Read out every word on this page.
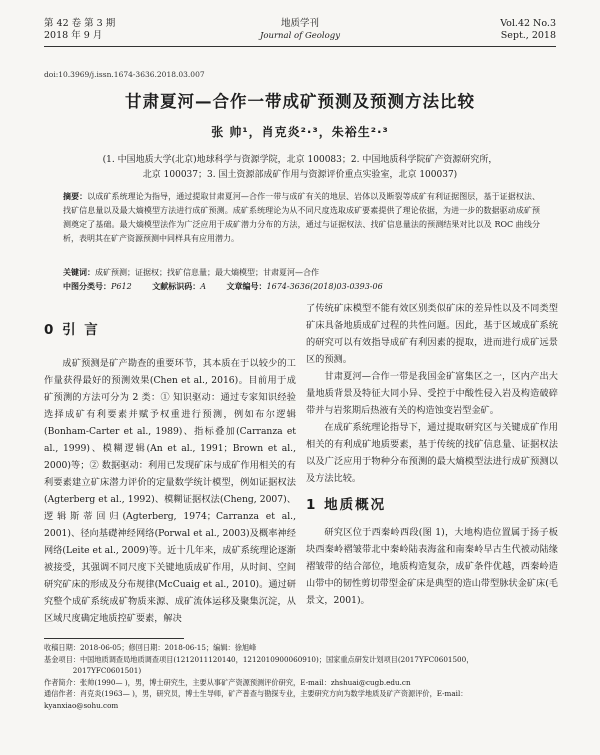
第 42 卷 第 3 期
2018 年 9 月
地质学刊
Journal of Geology
Vol.42 No.3
Sept., 2018
doi:10.3969/j.issn.1674-3636.2018.03.007
甘肃夏河—合作一带成矿预测及预测方法比较
张 帅¹，肖克炎²·³，朱裕生²·³
(1. 中国地质大学(北京)地球科学与资源学院，北京 100083；2. 中国地质科学院矿产资源研究所，
北京 100037；3. 国土资源部成矿作用与资源评价重点实验室，北京 100037)
摘要：以成矿系统理论为指导，通过提取甘肃夏河—合作一带与成矿有关的地层、岩体以及断裂等成矿有利证据图层，基于证据权法、找矿信息量以及最大熵模型方法进行成矿预测。成矿系统理论为从不同尺度选取成矿要素提供了理论依据，为进一步的数据驱动成矿预测奠定了基础。最大熵模型法作为广泛应用于成矿潜力分布的方法，通过与证据权法、找矿信息量法的预测结果对比以及 ROC 曲线分析，表明其在矿产资源预测中同样具有应用潜力。
关键词：成矿预测；证据权；找矿信息量；最大熵模型；甘肃夏河—合作
中图分类号：P612	文献标识码：A	文章编号：1674-3636(2018)03-0393-06
0 引 言

成矿预测是矿产勘查的重要环节，其本质在于以较少的工作量获得最好的预测效果(Chen et al., 2016)。目前用于成矿预测的方法可分为 2 类：① 知识驱动：通过专家知识经验选择成矿有利要素并赋予权重进行预测，例如布尔逻辑(Bonham-Carter et al., 1989)、指标叠加(Carranza et al., 1999)、模糊逻辑(An et al., 1991；Brown et al., 2000)等；② 数据驱动：利用已发现矿床与成矿作用相关的有利要素建立矿床潜力评价的定量数学统计模型，例如证据权法(Agterberg et al., 1992)、模糊证据权法(Cheng, 2007)、逻辑斯蒂回归(Agterberg, 1974；Carranza et al., 2001)、径向基礎神经网络(Porwal et al., 2003)及概率神经网络(Leite et al., 2009)等。近十几年来，成矿系统理论逐渐被接受，其强调不同尺度下关键地质成矿作用，从时间、空间研究矿床的形成及分布规律(McCuaig et al., 2010)。通过研究整个成矿系统成矿物质来源、成矿流体运移及聚集沉淀，从区域尺度确定地质控矿要素，解决

了传统矿床模型不能有效区别类似矿床的差异性以及不同类型矿床具备地质成矿过程的共性问题。因此，基于区域成矿系统的研究可以有效指导成矿有利因素的提取，进而进行成矿远景区的预测。

甘肃夏河—合作一带是我国金矿富集区之一，区内产出大量地质背景及特征大同小异、受控于中酸性侵入岩及构造破碎带并与岩浆期后热液有关的构造蚀变岩型金矿。

在成矿系统理论指导下，通过提取研究区与关键成矿作用相关的有利成矿地质要素，基于传统的找矿信息量、证据权法以及广泛应用于物种分布预测的最大熵模型法进行成矿预测以及方法比较。

1 地质概况

研究区位于西秦岭西段(图 1)，大地构造位置属于扬子板块西秦岭褶皱带北中秦岭陆表海盆和南秦岭早古生代被动陆缘褶皱带的结合部位，地质构造复杂，成矿条件优越，西秦岭造山带中的韧性剪切带型金矿床是典型的造山带型脉状金矿床(毛景文，2001)。

收稿日期：2018-06-05；修回日期：2018-06-15；编辑：徐旭峰
基金项目：中国地质调查局地质调查项目(1212011120140，1212010900060910)；国家重点研发计划项目(2017YFC0601500，
2017YFC0601501)
作者简介：张帅(1990— )，男，博士研究生，主要从事矿产资源预测评价研究，E-mail：zhshuai@cugb.edu.cn
通信作者：肖克炎(1963— )，男，研究员，博士生导师，矿产普查与勘探专业，主要研究方向为数学地质及矿产资源评价，E-mail：
kyanxiao@sohu.com
